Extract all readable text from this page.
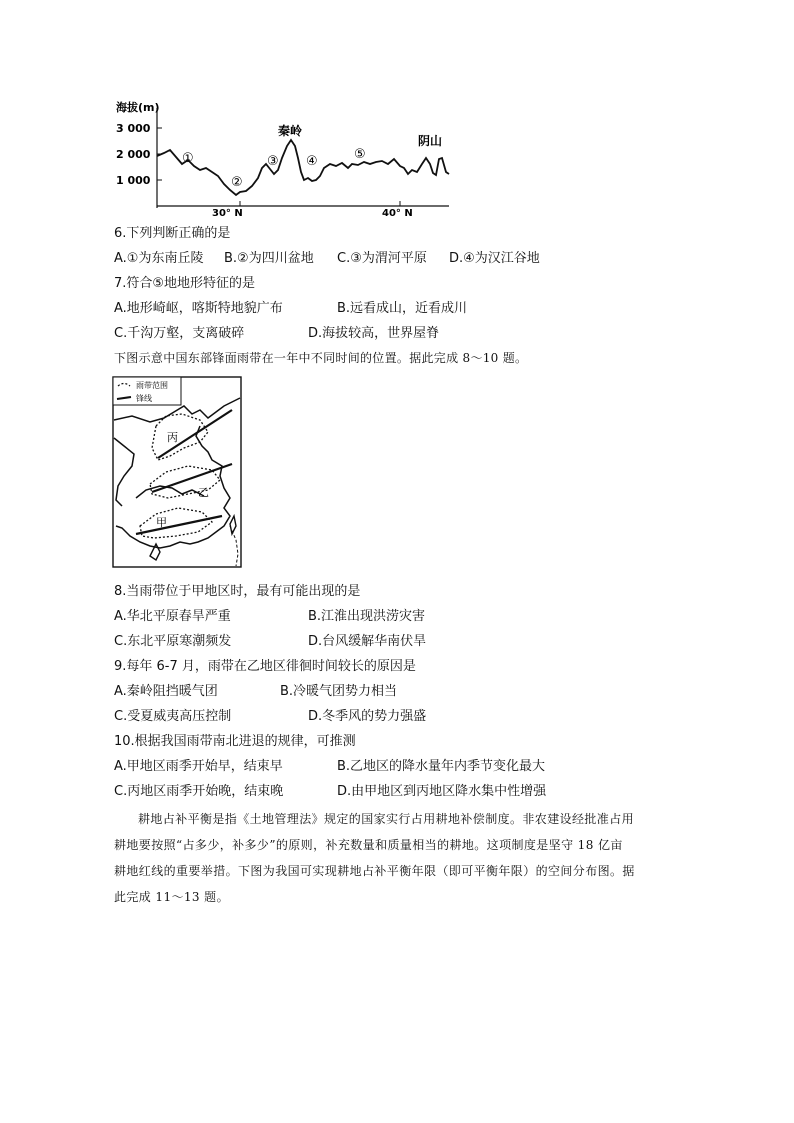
海拔(m)
3 000
2 000
1 000
秦岭
阴山
①
②
③ ④	⑤
30° N	40° N
6.下列判断正确的是
A.①为东南丘陵 B.②为四川盆地 C.③为渭河平原 D.④为汉江谷地
7.符合⑤地地形特征的是
A.地形崎岖，喀斯特地貌广布	B.远看成山，近看成川
C.千沟万壑，支离破碎	D.海拔较高，世界屋脊
下图示意中国东部锋面雨带在一年中不同时间的位置。据此完成 8～10 题。
雨带范围
锋线
丙
乙
甲
8.当雨带位于甲地区时，最有可能出现的是
A.华北平原春旱严重	B.江淮出现洪涝灾害
C.东北平原寒潮频发	D.台风缓解华南伏旱
9.每年 6-7 月，雨带在乙地区徘徊时间较长的原因是
A.秦岭阻挡暖气团	B.冷暖气团势力相当
C.受夏威夷高压控制	D.冬季风的势力强盛
10.根据我国雨带南北进退的规律，可推测
A.甲地区雨季开始早，结束早	B.乙地区的降水量年内季节变化最大
C.丙地区雨季开始晚，结束晚	D.由甲地区到丙地区降水集中性增强
耕地占补平衡是指《土地管理法》规定的国家实行占用耕地补偿制度。非农建设经批准占用
耕地要按照“占多少，补多少”的原则，补充数量和质量相当的耕地。这项制度是坚守 18 亿亩
耕地红线的重要举措。下图为我国可实现耕地占补平衡年限（即可平衡年限）的空间分布图。据
此完成 11～13 题。
